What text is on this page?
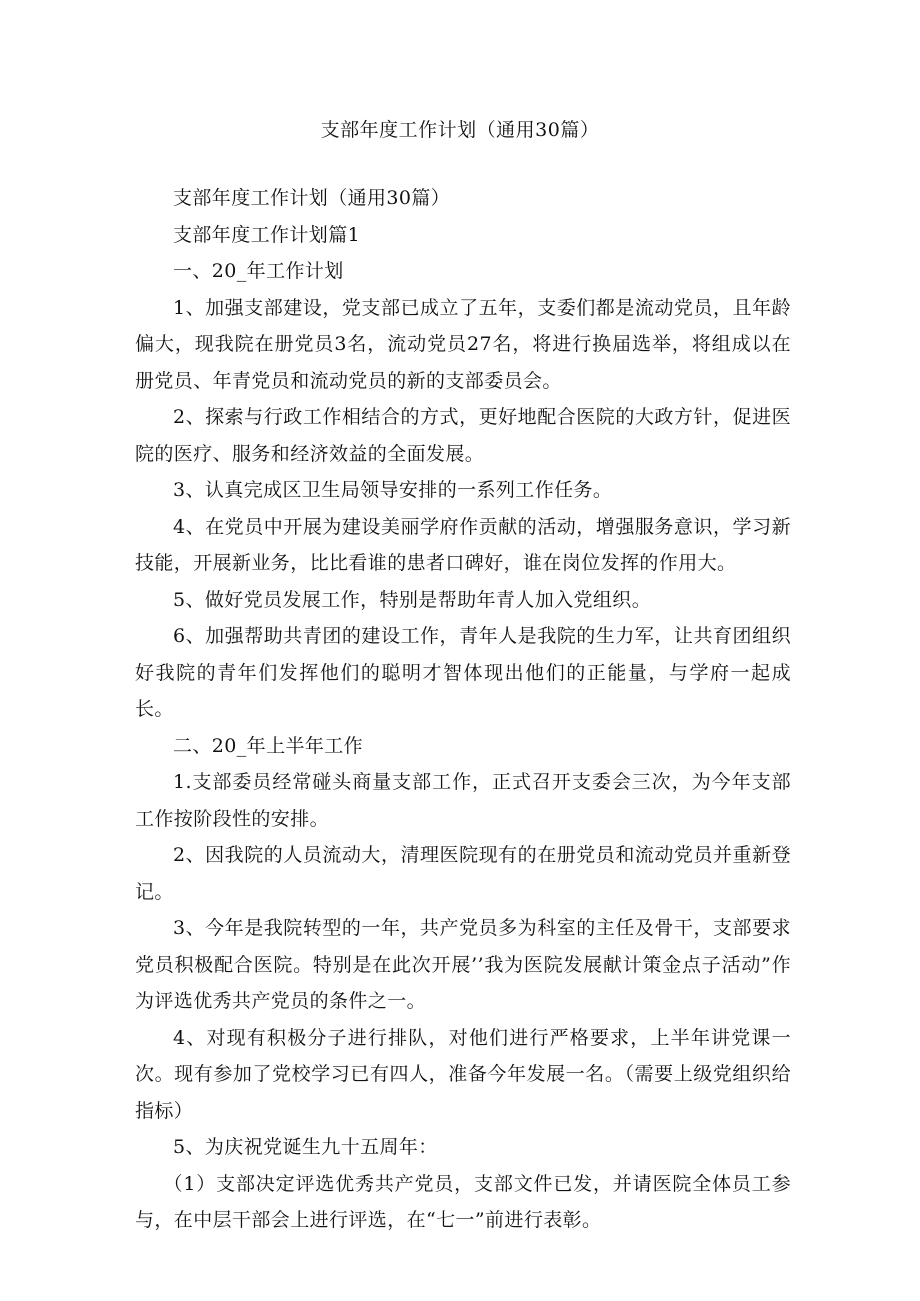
支部年度工作计划（通用30篇）

支部年度工作计划（通用30篇）

支部年度工作计划篇1

一、20_年工作计划

1、加强支部建设，党支部已成立了五年，支委们都是流动党员，且年龄偏大，现我院在册党员3名，流动党员27名，将进行换届选举，将组成以在册党员、年青党员和流动党员的新的支部委员会。

2、探索与行政工作相结合的方式，更好地配合医院的大政方针，促进医院的医疗、服务和经济效益的全面发展。

3、认真完成区卫生局领导安排的一系列工作任务。

4、在党员中开展为建设美丽学府作贡献的活动，增强服务意识，学习新技能，开展新业务，比比看谁的患者口碑好，谁在岗位发挥的作用大。

5、做好党员发展工作，特别是帮助年青人加入党组织。

6、加强帮助共青团的建设工作，青年人是我院的生力军，让共育团组织好我院的青年们发挥他们的聪明才智体现出他们的正能量，与学府一起成长。

二、20_年上半年工作

1.支部委员经常碰头商量支部工作，正式召开支委会三次，为今年支部工作按阶段性的安排。

2、因我院的人员流动大，清理医院现有的在册党员和流动党员并重新登记。

3、今年是我院转型的一年，共产党员多为科室的主任及骨干，支部要求党员积极配合医院。特别是在此次开展’’我为医院发展献计策金点子活动”作为评选优秀共产党员的条件之一。

4、对现有积极分子进行排队，对他们进行严格要求，上半年讲党课一次。现有参加了党校学习已有四人，准备今年发展一名。（需要上级党组织给指标）

5、为庆祝党诞生九十五周年：

（1）支部决定评选优秀共产党员，支部文件已发，并请医院全体员工参与，在中层干部会上进行评选，在“七一”前进行表彰。
